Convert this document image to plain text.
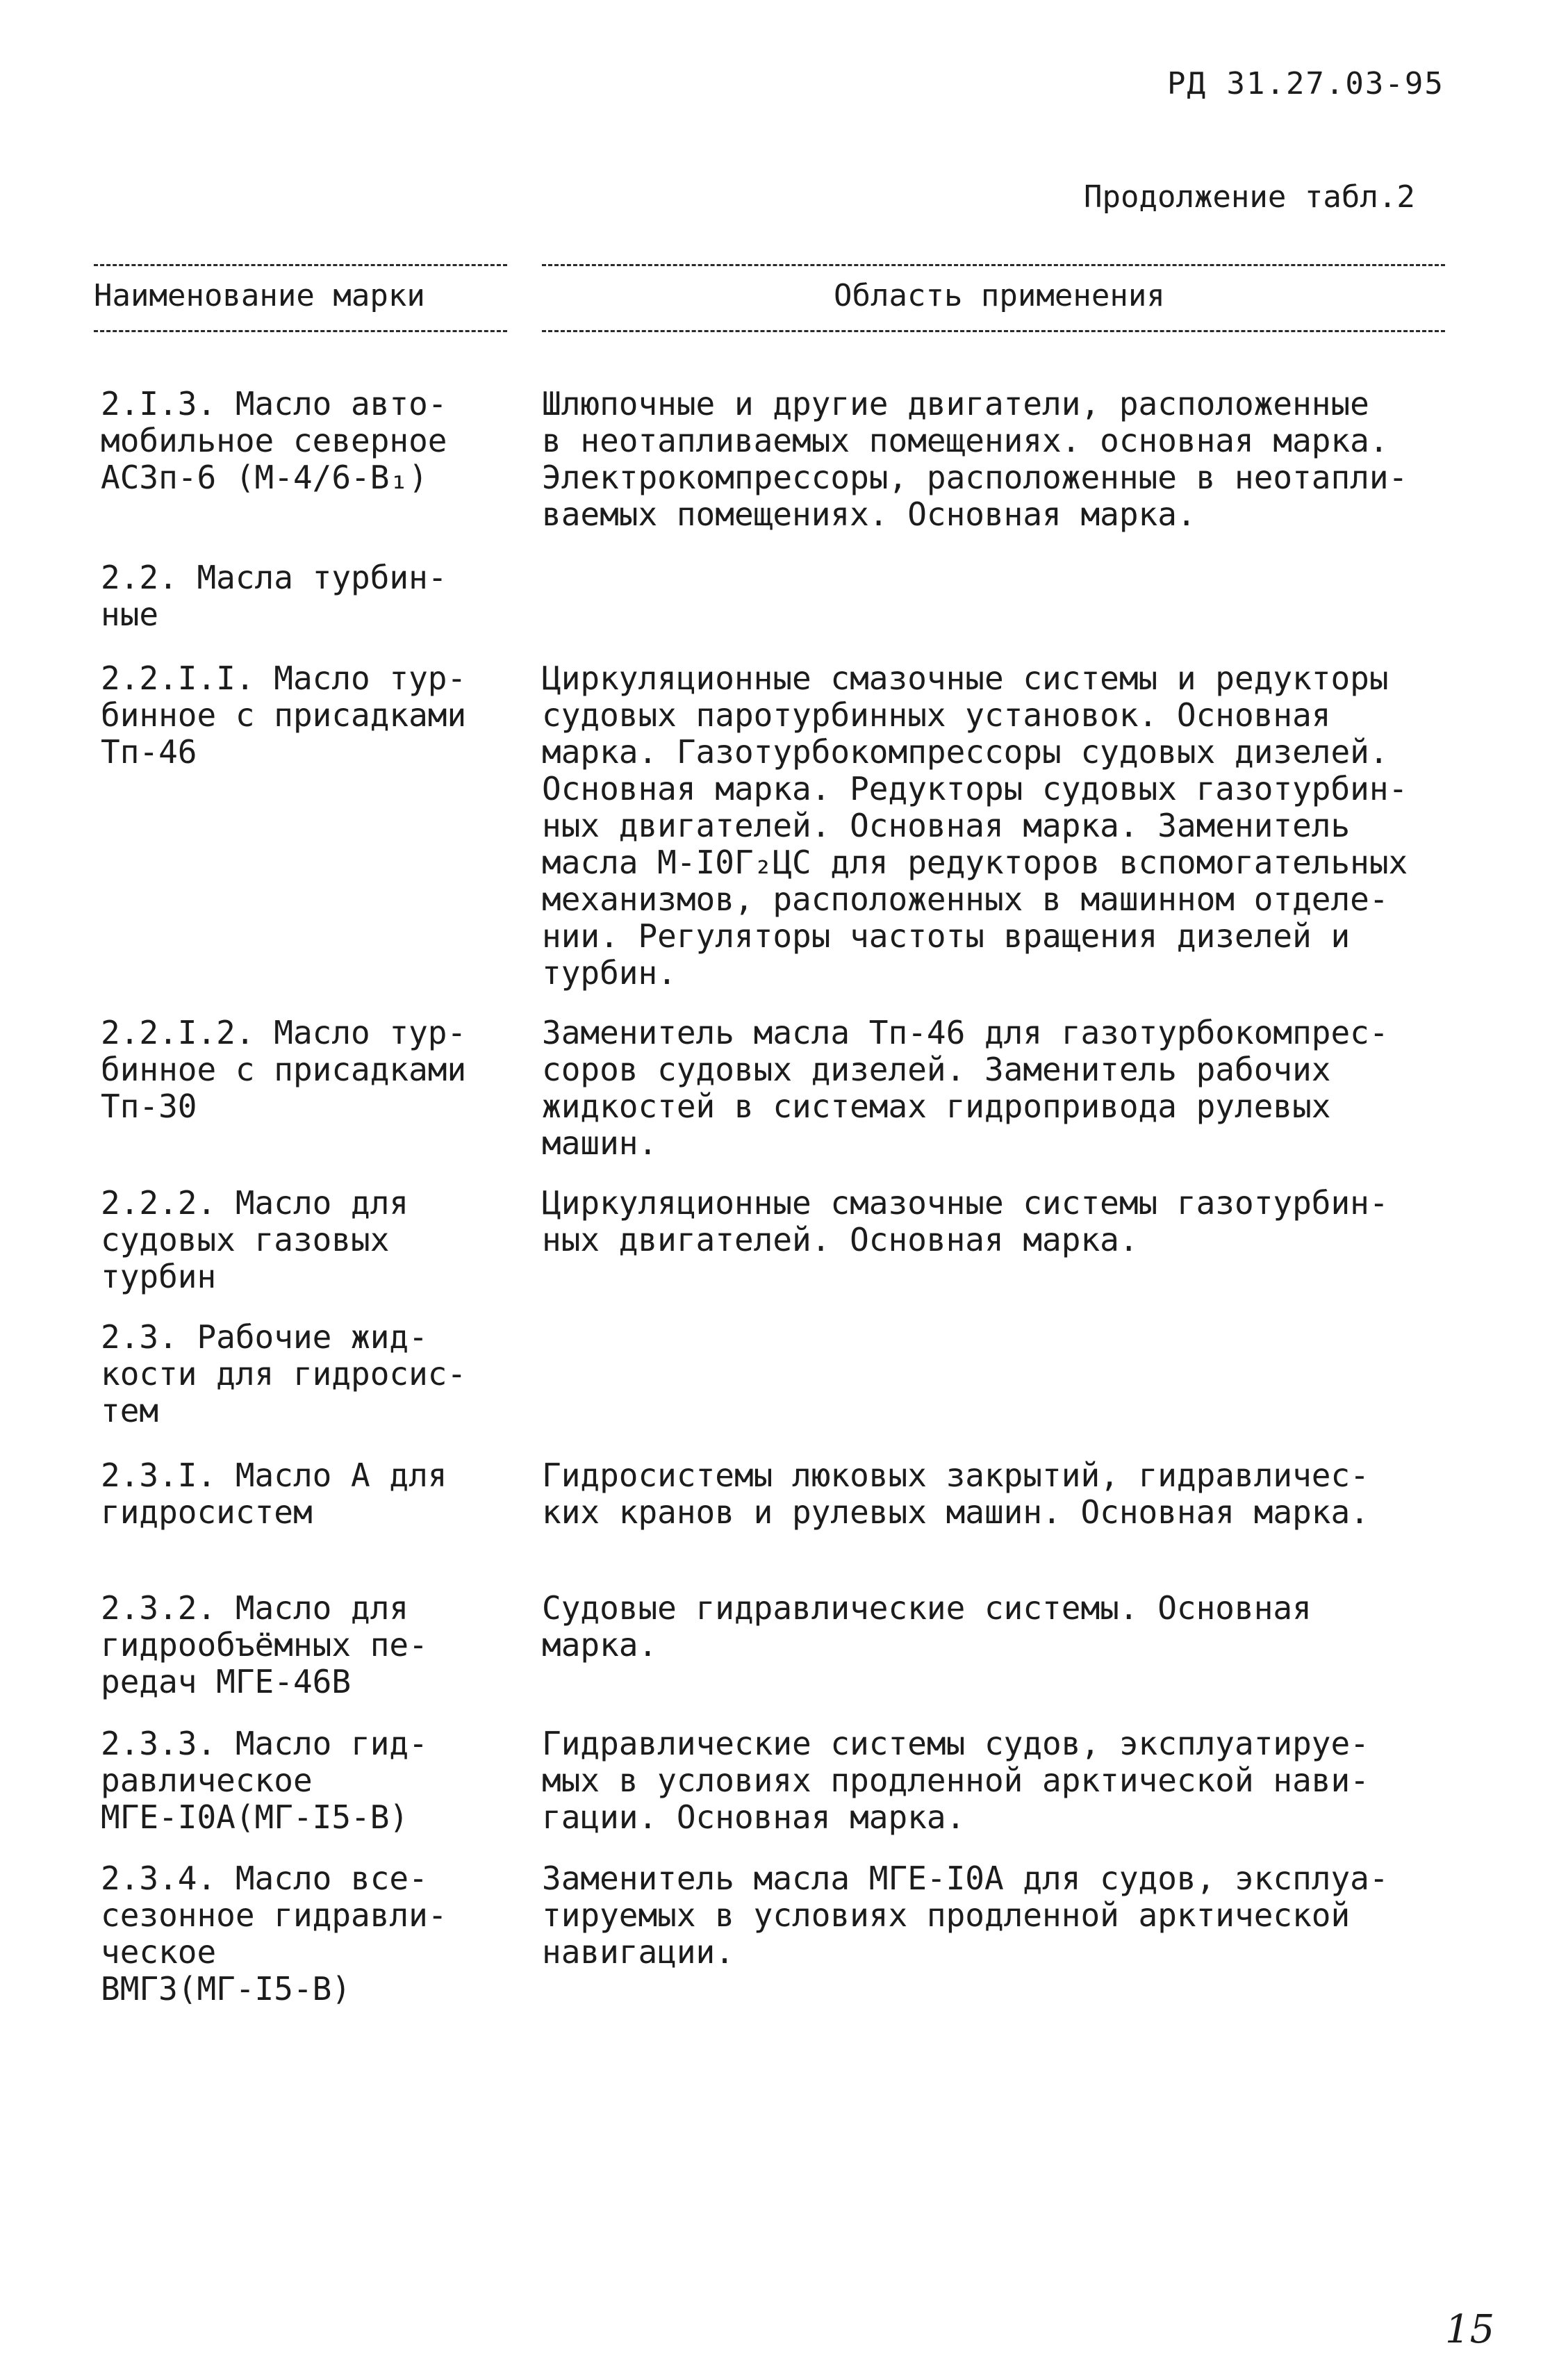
РД 31.27.03-95
Продолжение табл.2
Наименование марки	Область применения

2.I.3. Масло авто-
мобильное северное
АСЗп-6 (М-4/6-В₁)

Шлюпочные и другие двигатели, расположенные
в неотапливаемых помещениях. основная марка.
Электрокомпрессоры, расположенные в неотапли-
ваемых помещениях. Основная марка.

2.2. Масла турбин-
ные

2.2.I.I. Масло тур-
бинное с присадками
Тп-46

Циркуляционные смазочные системы и редукторы
судовых паротурбинных установок. Основная
марка. Газотурбокомпрессоры судовых дизелей.
Основная марка. Редукторы судовых газотурбин-
ных двигателей. Основная марка. Заменитель
масла М-I0Г₂ЦС для редукторов вспомогательных
механизмов, расположенных в машинном отделе-
нии. Регуляторы частоты вращения дизелей и
турбин.

2.2.I.2. Масло тур-
бинное с присадками
Тп-30

Заменитель масла Тп-46 для газотурбокомпрес-
соров судовых дизелей. Заменитель рабочих
жидкостей в системах гидропривода рулевых
машин.

2.2.2. Масло для
судовых газовых
турбин

Циркуляционные смазочные системы газотурбин-
ных двигателей. Основная марка.

2.3. Рабочие жид-
кости для гидросис-
тем

2.3.I. Масло А для
гидросистем

Гидросистемы люковых закрытий, гидравличес-
ких кранов и рулевых машин. Основная марка.

2.3.2. Масло для
гидрообъёмных пе-
редач МГЕ-46В

Судовые гидравлические системы. Основная
марка.

2.3.3. Масло гид-
равлическое
МГЕ-I0А(МГ-I5-В)

Гидравлические системы судов, эксплуатируе-
мых в условиях продленной арктической нави-
гации. Основная марка.

2.3.4. Масло все-
сезонное гидравли-
ческое
ВМГЗ(МГ-I5-В)

Заменитель масла МГЕ-I0А для судов, эксплуа-
тируемых в условиях продленной арктической
навигации.

15
